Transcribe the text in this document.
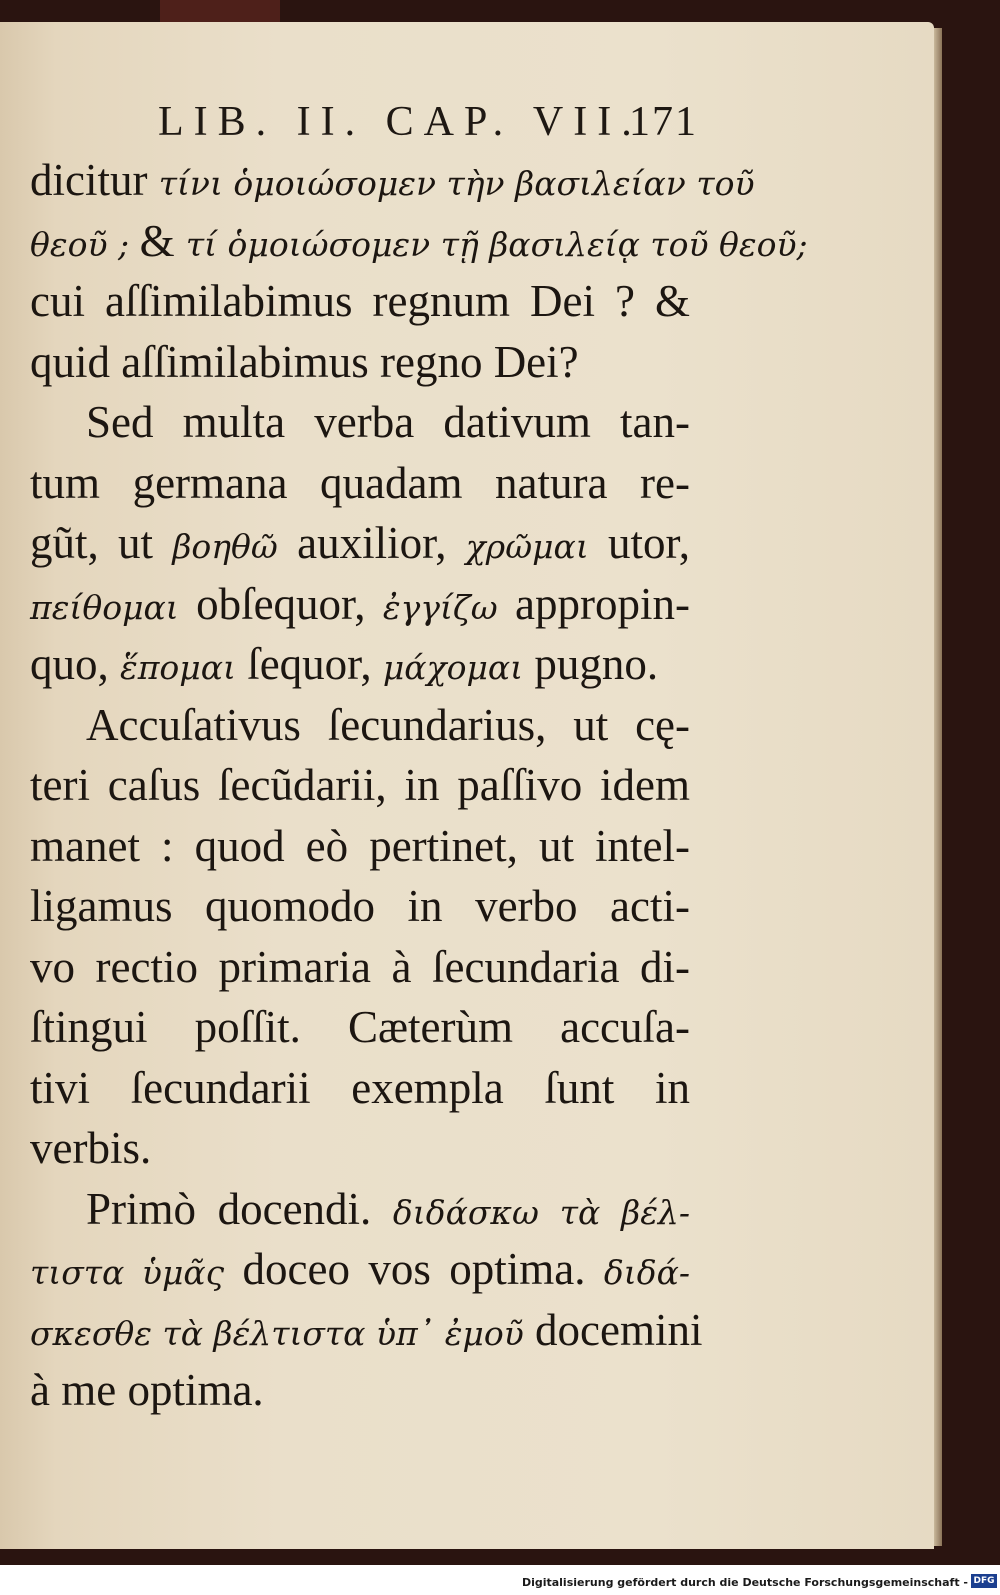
LIB. II. CAP. VII.
171
dicitur τίνι ὁμοιώσομεν τὴν βασιλείαν τοῦ
θεοῦ ; & τί ὁμοιώσομεν τῇ βασιλείᾳ τοῦ θεοῦ;
cui aſſimilabimus regnum Dei ? &
quid aſſimilabimus regno Dei?
Sed multa verba dativum tan-
tum germana quadam natura re-
gũt, ut βοηθῶ auxilior, χρῶμαι utor,
πείθομαι obſequor, ἐγγίζω appropin-
quo, ἕπομαι ſequor, μάχομαι pugno.
Accuſativus ſecundarius, ut cę-
teri caſus ſecũdarii, in paſſivo idem
manet : quod eò pertinet, ut intel-
ligamus quomodo in verbo acti-
vo rectio primaria à ſecundaria di-
ſtingui poſſit. Cæterùm accuſa-
tivi ſecundarii exempla ſunt in
verbis.
Primò docendi. διδάσκω τὰ βέλ-
τιστα ὑμᾶς doceo vos optima. διδά-
σκεσθε τὰ βέλτιστα ὑπ᾽ ἐμοῦ docemini
à me optima.
Digitalisierung gefördert durch die Deutsche Forschungsgemeinschaft - DFG
